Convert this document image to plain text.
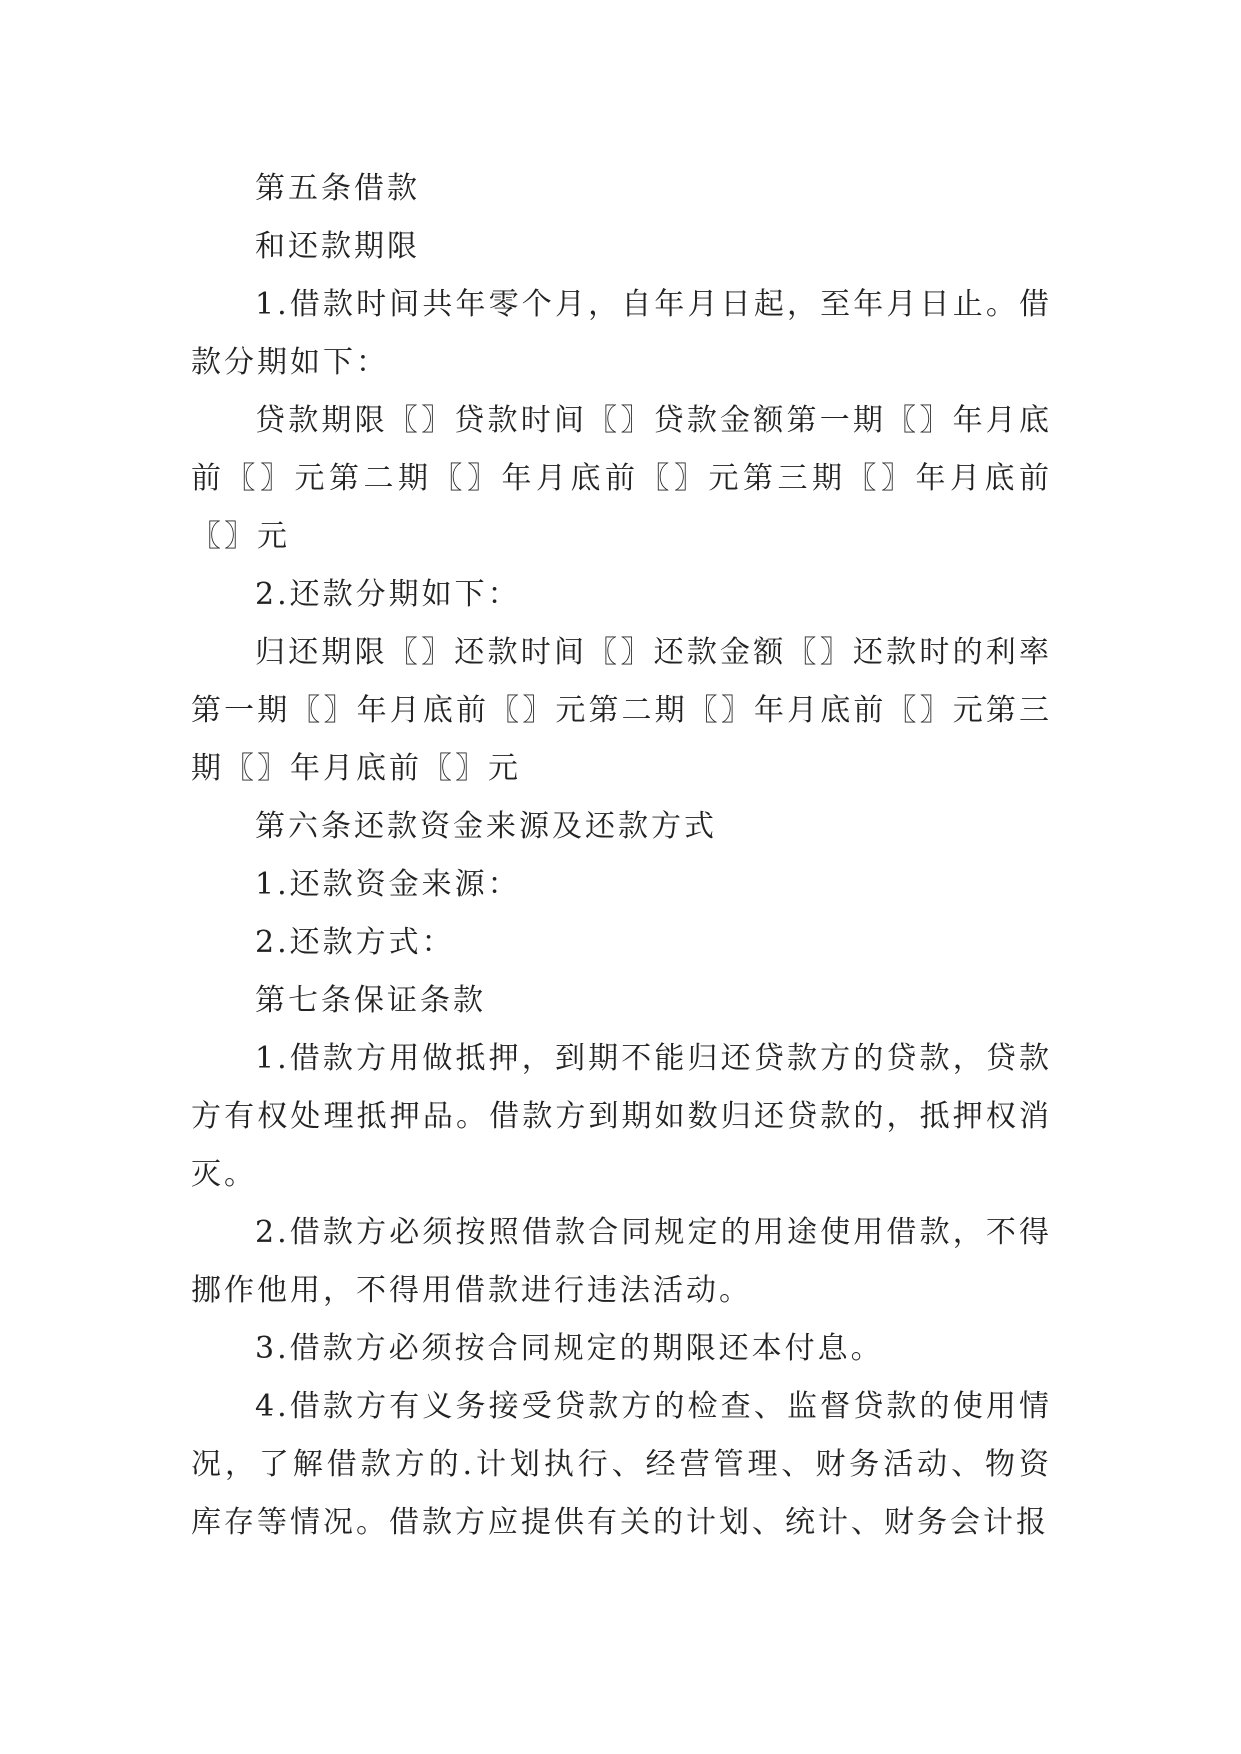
第五条借款

和还款期限

1.借款时间共年零个月，自年月日起，至年月日止。借款分期如下：

贷款期限〖〗贷款时间〖〗贷款金额第一期〖〗年月底前〖〗元第二期〖〗年月底前〖〗元第三期〖〗年月底前〖〗元

2.还款分期如下：

归还期限〖〗还款时间〖〗还款金额〖〗还款时的利率第一期〖〗年月底前〖〗元第二期〖〗年月底前〖〗元第三期〖〗年月底前〖〗元

第六条还款资金来源及还款方式

1.还款资金来源：

2.还款方式：

第七条保证条款

1.借款方用做抵押，到期不能归还贷款方的贷款，贷款方有权处理抵押品。借款方到期如数归还贷款的，抵押权消灭。

2.借款方必须按照借款合同规定的用途使用借款，不得挪作他用，不得用借款进行违法活动。

3.借款方必须按合同规定的期限还本付息。

4.借款方有义务接受贷款方的检查、监督贷款的使用情况，了解借款方的.计划执行、经营管理、财务活动、物资库存等情况。借款方应提供有关的计划、统计、财务会计报
